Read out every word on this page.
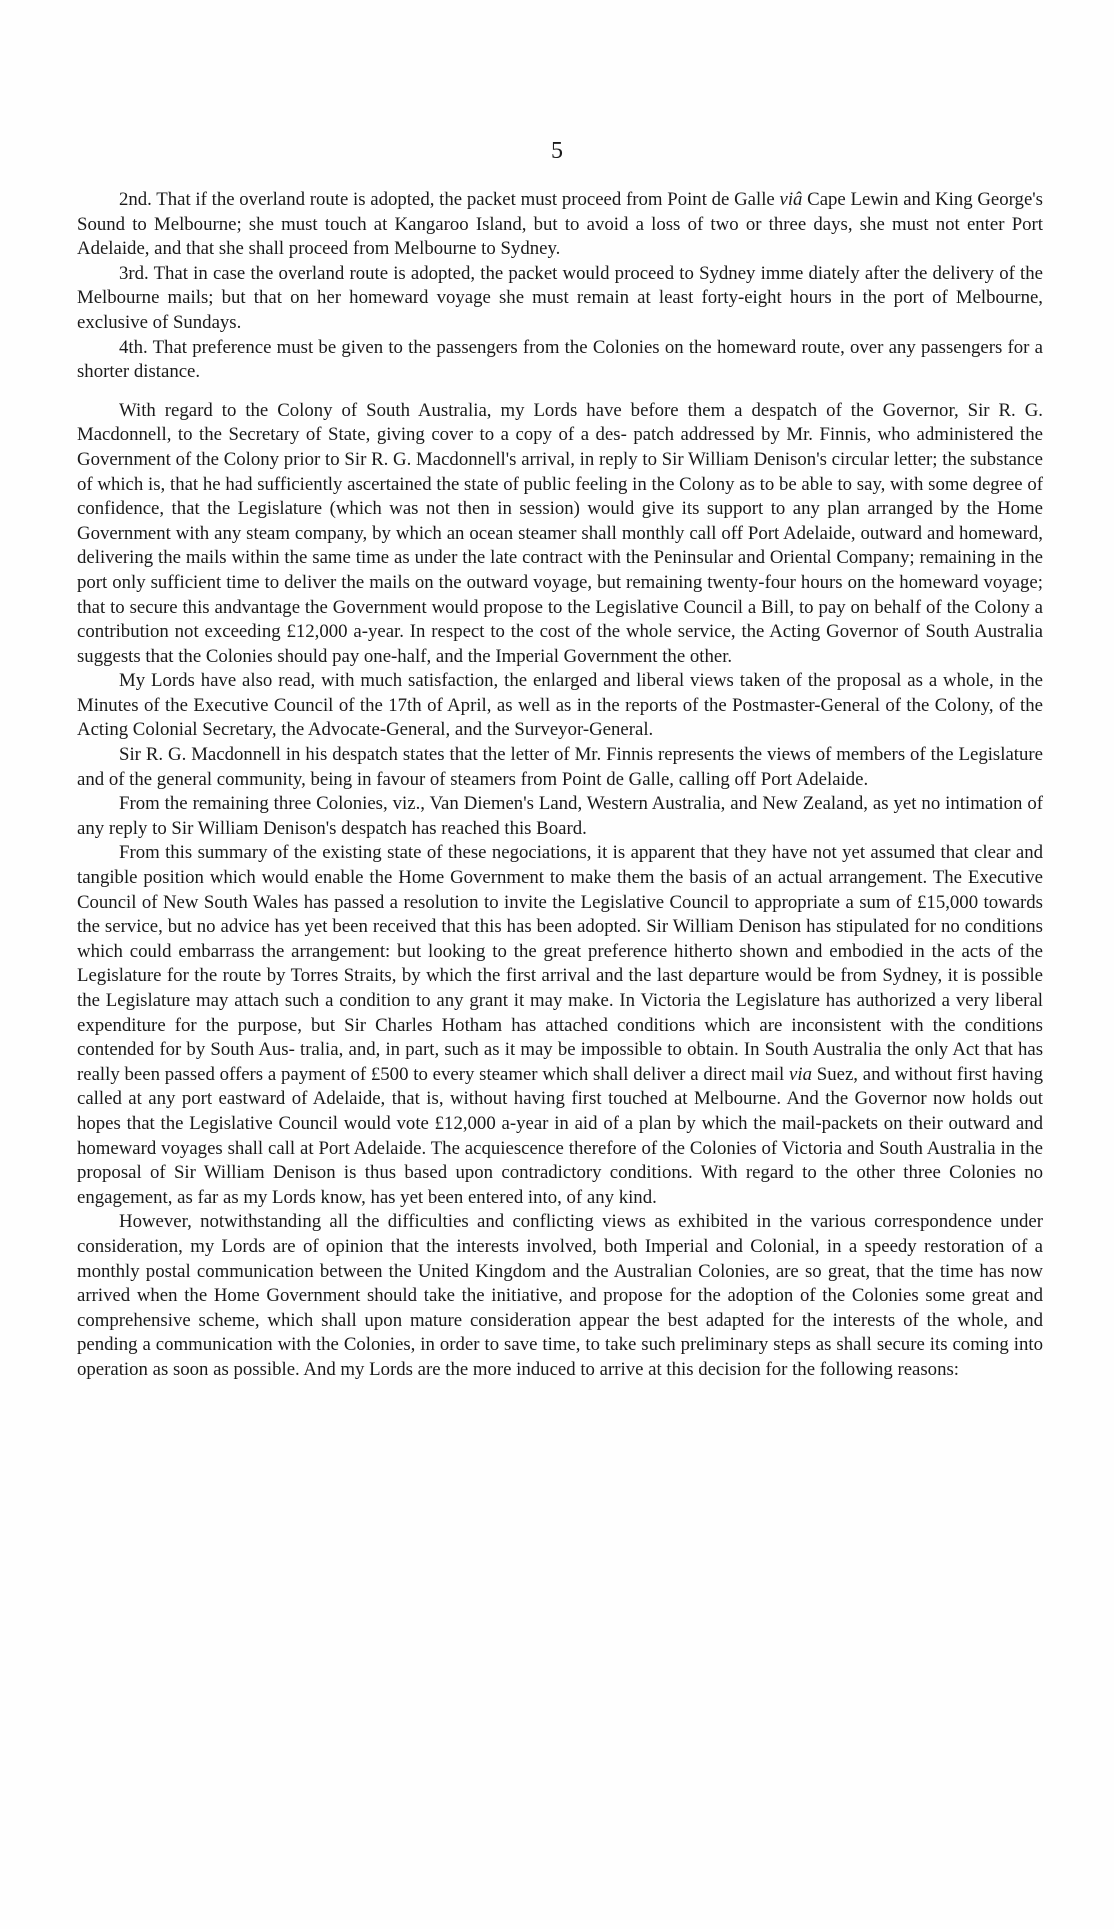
5

2nd. That if the overland route is adopted, the packet must proceed from Point de Galle viâ Cape Lewin and King George's Sound to Melbourne; she must touch at Kangaroo Island, but to avoid a loss of two or three days, she must not enter Port Adelaide, and that she shall proceed from Melbourne to Sydney.

3rd. That in case the overland route is adopted, the packet would proceed to Sydney imme diately after the delivery of the Melbourne mails; but that on her homeward voyage she must remain at least forty-eight hours in the port of Melbourne, exclusive of Sundays.

4th. That preference must be given to the passengers from the Colonies on the homeward route, over any passengers for a shorter distance.

With regard to the Colony of South Australia, my Lords have before them a despatch of the Governor, Sir R. G. Macdonnell, to the Secretary of State, giving cover to a copy of a des- patch addressed by Mr. Finnis, who administered the Government of the Colony prior to Sir R. G. Macdonnell's arrival, in reply to Sir William Denison's circular letter; the substance of which is, that he had sufficiently ascertained the state of public feeling in the Colony as to be able to say, with some degree of confidence, that the Legislature (which was not then in session) would give its support to any plan arranged by the Home Government with any steam company, by which an ocean steamer shall monthly call off Port Adelaide, outward and homeward, delivering the mails within the same time as under the late contract with the Peninsular and Oriental Company; remaining in the port only sufficient time to deliver the mails on the outward voyage, but remaining twenty-four hours on the homeward voyage; that to secure this andvantage the Government would propose to the Legislative Council a Bill, to pay on behalf of the Colony a contribution not exceeding £12,000 a-year. In respect to the cost of the whole service, the Acting Governor of South Australia suggests that the Colonies should pay one-half, and the Imperial Government the other.

My Lords have also read, with much satisfaction, the enlarged and liberal views taken of the proposal as a whole, in the Minutes of the Executive Council of the 17th of April, as well as in the reports of the Postmaster-General of the Colony, of the Acting Colonial Secretary, the Advocate-General, and the Surveyor-General.

Sir R. G. Macdonnell in his despatch states that the letter of Mr. Finnis represents the views of members of the Legislature and of the general community, being in favour of steamers from Point de Galle, calling off Port Adelaide.

From the remaining three Colonies, viz., Van Diemen's Land, Western Australia, and New Zealand, as yet no intimation of any reply to Sir William Denison's despatch has reached this Board.

From this summary of the existing state of these negociations, it is apparent that they have not yet assumed that clear and tangible position which would enable the Home Government to make them the basis of an actual arrangement. The Executive Council of New South Wales has passed a resolution to invite the Legislative Council to appropriate a sum of £15,000 towards the service, but no advice has yet been received that this has been adopted. Sir William Denison has stipulated for no conditions which could embarrass the arrangement: but looking to the great preference hitherto shown and embodied in the acts of the Legislature for the route by Torres Straits, by which the first arrival and the last departure would be from Sydney, it is possible the Legislature may attach such a condition to any grant it may make. In Victoria the Legislature has authorized a very liberal expenditure for the purpose, but Sir Charles Hotham has attached conditions which are inconsistent with the conditions contended for by South Aus- tralia, and, in part, such as it may be impossible to obtain. In South Australia the only Act that has really been passed offers a payment of £500 to every steamer which shall deliver a direct mail via Suez, and without first having called at any port eastward of Adelaide, that is, without having first touched at Melbourne. And the Governor now holds out hopes that the Legislative Council would vote £12,000 a-year in aid of a plan by which the mail-packets on their outward and homeward voyages shall call at Port Adelaide. The acquiescence therefore of the Colonies of Victoria and South Australia in the proposal of Sir William Denison is thus based upon contradictory conditions. With regard to the other three Colonies no engagement, as far as my Lords know, has yet been entered into, of any kind.

However, notwithstanding all the difficulties and conflicting views as exhibited in the various correspondence under consideration, my Lords are of opinion that the interests involved, both Imperial and Colonial, in a speedy restoration of a monthly postal communication between the United Kingdom and the Australian Colonies, are so great, that the time has now arrived when the Home Government should take the initiative, and propose for the adoption of the Colonies some great and comprehensive scheme, which shall upon mature consideration appear the best adapted for the interests of the whole, and pending a communication with the Colonies, in order to save time, to take such preliminary steps as shall secure its coming into operation as soon as possible. And my Lords are the more induced to arrive at this decision for the following reasons:
